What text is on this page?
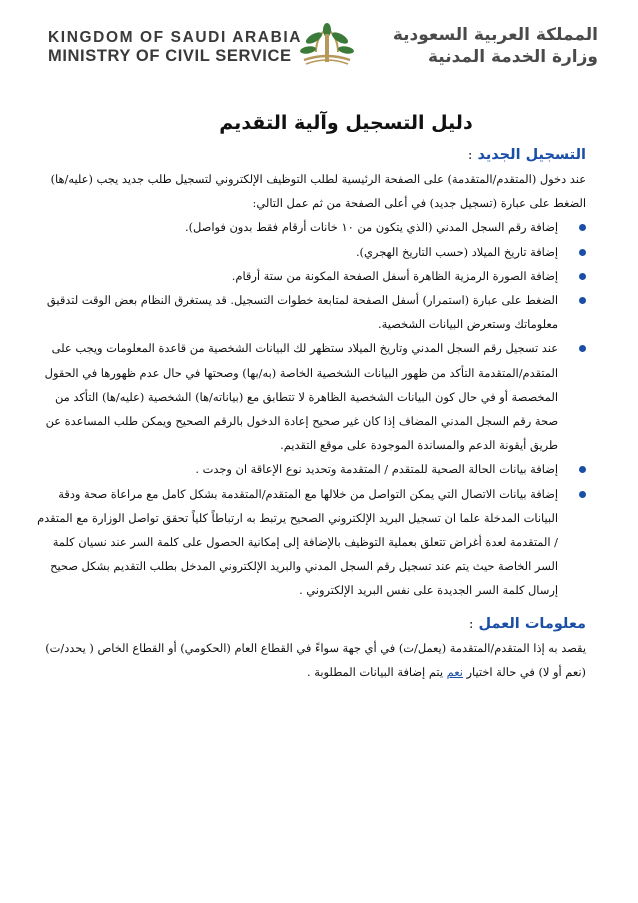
KINGDOM OF SAUDI ARABIA
MINISTRY OF CIVIL SERVICE
المملكة العربية السعودية
وزارة الخدمة المدنية
دليل التسجيل وآلية التقديم
التسجيل الجديد :

عند دخول (المتقدم/المتقدمة) على الصفحة الرئيسية لطلب التوظيف الإلكتروني لتسجيل طلب جديد يجب (عليه/ها) الضغط على عبارة (تسجيل جديد) في أعلى الصفحة من ثم عمل التالي:

إضافة رقم السجل المدني (الذي يتكون من ١٠ خانات أرقام فقط بدون فواصل).
إضافة تاريخ الميلاد (حسب التاريخ الهجري).
إضافة الصورة الرمزية الظاهرة أسفل الصفحة المكونة من ستة أرقام.
الضغط على عبارة (استمرار) أسفل الصفحة لمتابعة خطوات التسجيل. قد يستغرق النظام بعض الوقت لتدقيق معلوماتك وستعرض البيانات الشخصية.
عند تسجيل رقم السجل المدني وتاريخ الميلاد ستظهر لك البيانات الشخصية من قاعدة المعلومات ويجب على المتقدم/المتقدمة التأكد من ظهور البيانات الشخصية الخاصة (به/بها) وصحتها في حال عدم ظهورها في الحقول المخصصة أو في حال كون البيانات الشخصية الظاهرة لا تتطابق مع (بياناته/ها) الشخصية (عليه/ها) التأكد من صحة رقم السجل المدني المضاف إذا كان غير صحيح إعادة الدخول بالرقم الصحيح ويمكن طلب المساعدة عن طريق أيقونة الدعم والمساندة الموجودة على موقع التقديم.
إضافة بيانات الحالة الصحية للمتقدم / المتقدمة وتحديد نوع الإعاقة ان وجدت .
إضافة بيانات الاتصال التي يمكن التواصل من خلالها مع المتقدم/المتقدمة بشكل كامل مع مراعاة صحة ودقة البيانات المدخلة علما ان تسجيل البريد الإلكتروني الصحيح يرتبط به ارتباطاً كلياً تحقق تواصل الوزارة مع المتقدم / المتقدمة لعدة أغراض تتعلق بعملية التوظيف بالإضافة إلى إمكانية الحصول على كلمة السر عند نسيان كلمة السر الخاصة حيث يتم عند تسجيل رقم السجل المدني والبريد الإلكتروني المدخل بطلب التقديم بشكل صحيح إرسال كلمة السر الجديدة على نفس البريد الإلكتروني .
معلومات العمل :

يقصد به إذا المتقدم/المتقدمة (يعمل/ت) في أي جهة سواءً في القطاع العام (الحكومي) أو القطاع الخاص ( يحدد/ت) (نعم أو لا) في حالة اختيار نعم يتم إضافة البيانات المطلوبة .
